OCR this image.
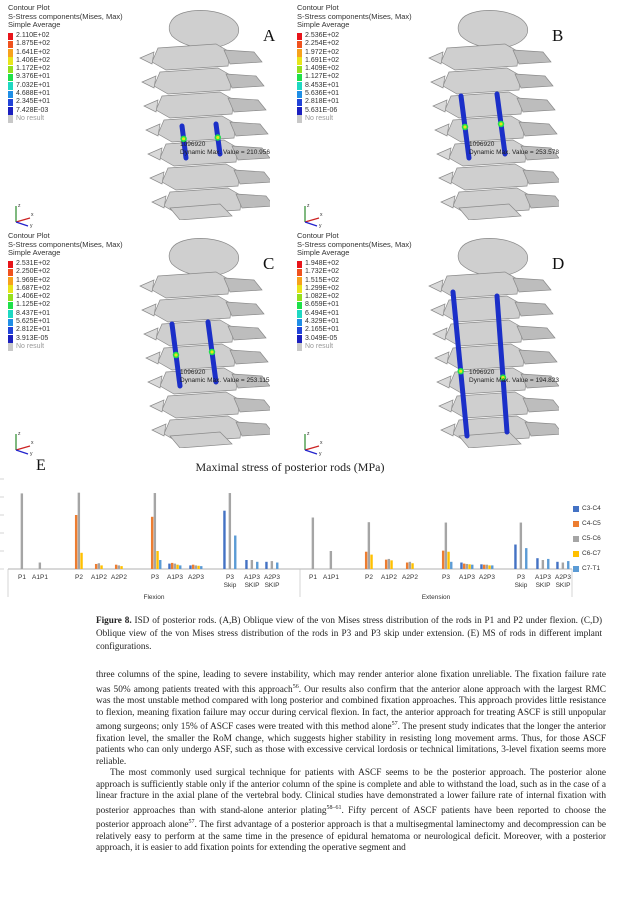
Contour Plot
S-Stress components(Mises, Max)
Simple Average
2.110E+02
1.875E+02
1.641E+02
1.406E+02
1.172E+02
9.376E+01
7.032E+01
4.688E+01
2.345E+01
7.428E-03
No result
A
1096920
Dynamic Max. Value = 210.956
x
y
z
Contour Plot
S-Stress components(Mises, Max)
Simple Average
2.536E+02
2.254E+02
1.972E+02
1.691E+02
1.409E+02
1.127E+02
8.453E+01
5.636E+01
2.818E+01
5.631E-06
No result
B
1096920
Dynamic Max. Value = 253.578
x
y
z
Contour Plot
S-Stress components(Mises, Max)
Simple Average
2.531E+02
2.250E+02
1.969E+02
1.687E+02
1.406E+02
1.125E+02
8.437E+01
5.625E+01
2.812E+01
3.913E-05
No result
C
1096920
Dynamic Max. Value = 253.115
x
y
z
Contour Plot
S-Stress components(Mises, Max)
Simple Average
1.948E+02
1.732E+02
1.515E+02
1.299E+02
1.082E+02
8.659E+01
6.494E+01
4.329E+01
2.165E+01
3.049E-05
No result
D
1096920
Dynamic Max. Value = 194.823
x
y
z
E	Maximal stress of posterior rods (MPa)
P1 A1P1	P2 A1P2 A2P2	P3 A1P3 A2P3	P3
Skip
A1P3
SKIP
A2P3
SKIP
P1 A1P1	P2 A1P2 A2P2	P3 A1P3 A2P3	P3
Skip
A1P3
SKIP
A2P3
SKIP
Flexion	Extension
C3-C4
C4-C5
C5-C6
C6-C7
C7-T1
Figure 8. ISD of posterior rods. (A,B) Oblique view of the von Mises stress distribution of the rods in P1 and P2 under flexion. (C,D) Oblique view of the von Mises stress distribution of the rods in P3 and P3 skip under extension. (E) MS of rods in different implant configurations.

three columns of the spine, leading to severe instability, which may render anterior alone fixation unreliable. The fixation failure rate was 50% among patients treated with this approach$^{56}$. Our results also confirm that the anterior alone approach with the largest RMC was the most unstable method compared with long posterior and combined fixation approaches. This approach provides little resistance to flexion, meaning fixation failure may occur during cervical flexion. In fact, the anterior approach for treating ASCF is still unpopular among surgeons; only 15% of ASCF cases were treated with this method alone$^{57}$. The present study indicates that the longer the anterior fixation level, the smaller the RoM change, which suggests higher stability in resisting long movement arms. Thus, for those ASCF patients who can only undergo ASF, such as those with excessive cervical lordosis or technical limitations, 3-level fixation seems more reliable.

The most commonly used surgical technique for patients with ASCF seems to be the posterior approach. The posterior alone approach is sufficiently stable only if the anterior column of the spine is complete and able to withstand the load, such as in the case of a linear fracture in the axial plane of the vertebral body. Clinical studies have demonstrated a lower failure rate of internal fixation with posterior approaches than with stand-alone anterior plating$^{58-61}$. Fifty percent of ASCF patients have been reported to choose the posterior approach alone$^{57}$. The first advantage of a posterior approach is that a multisegmental laminectomy and decompression can be relatively easy to perform at the same time in the presence of epidural hematoma or neurological deficit. Moreover, with a posterior approach, it is easier to add fixation points for extending the operative segment and
